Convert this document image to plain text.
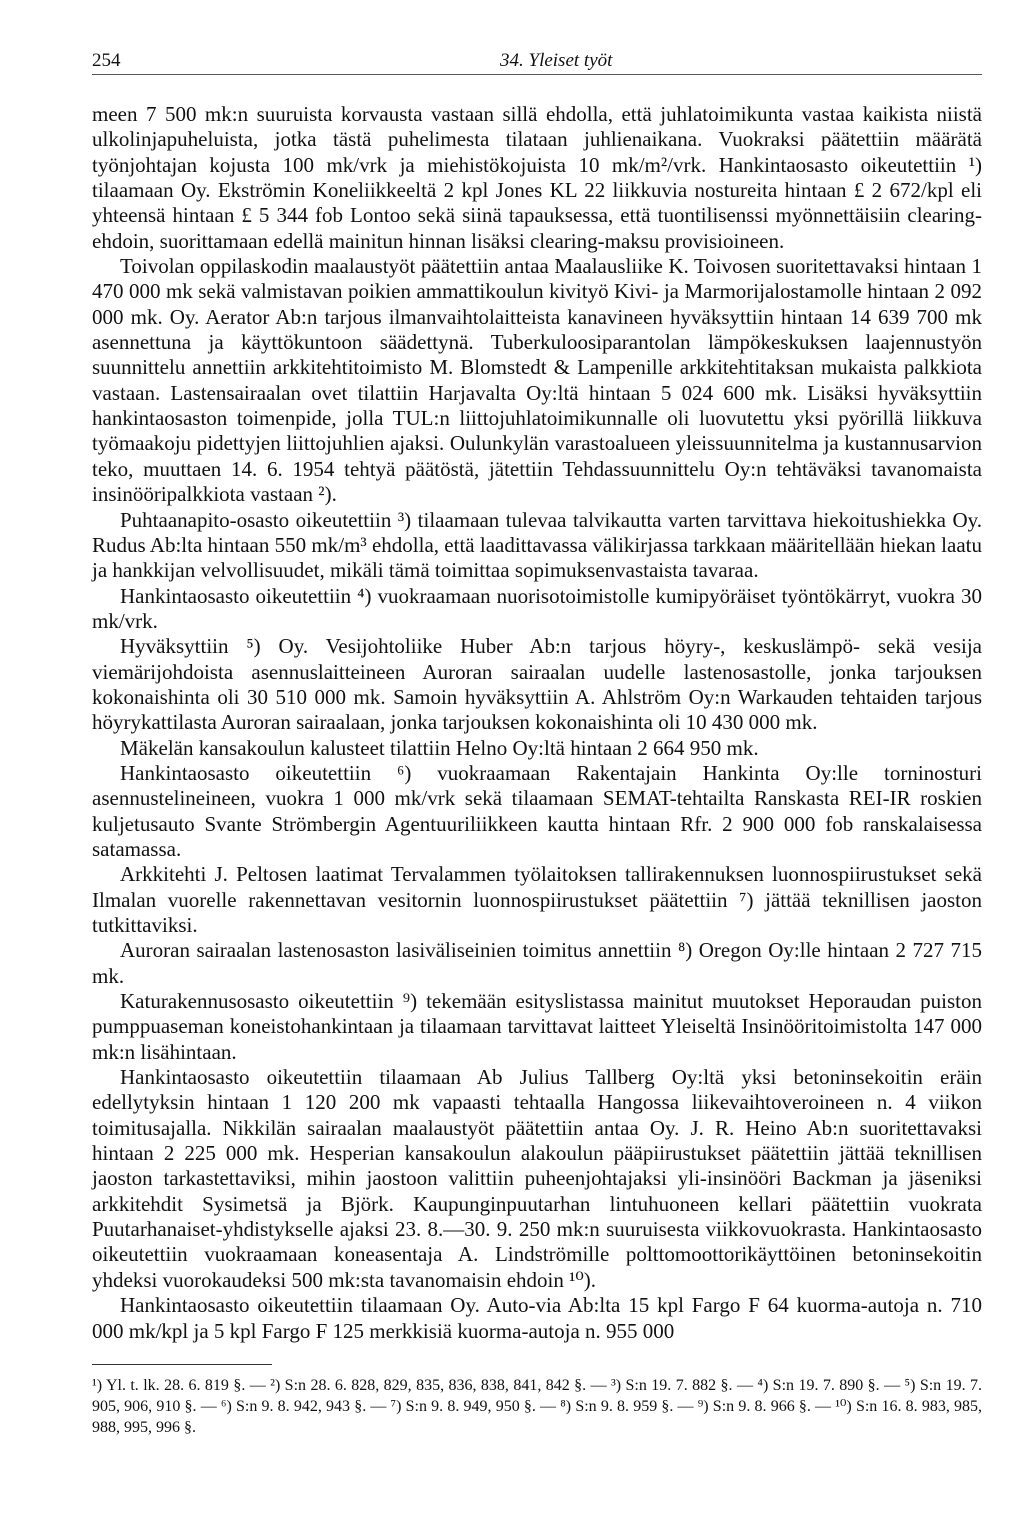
254	34. Yleiset työt

meen 7 500 mk:n suuruista korvausta vastaan sillä ehdolla, että juhlatoimikunta vastaa kaikista niistä ulkolinjapuheluista, jotka tästä puhelimesta tilataan juhlienaikana. Vuokraksi päätettiin määrätä työnjohtajan kojusta 100 mk/vrk ja miehistökojuista 10 mk/m²/vrk. Hankintaosasto oikeutettiin ¹) tilaamaan Oy. Ekströmin Koneliikkeeltä 2 kpl Jones KL 22 liikkuvia nostureita hintaan £ 2 672/kpl eli yhteensä hintaan £ 5 344 fob Lontoo sekä siinä tapauksessa, että tuontilisenssi myönnettäisiin clearing-ehdoin, suorittamaan edellä mainitun hinnan lisäksi clearing-maksu provisioineen.

Toivolan oppilaskodin maalaustyöt päätettiin antaa Maalausliike K. Toivosen suoritettavaksi hintaan 1 470 000 mk sekä valmistavan poikien ammattikoulun kivityö Kivi- ja Marmorijalostamolle hintaan 2 092 000 mk. Oy. Aerator Ab:n tarjous ilmanvaihtolaitteista kanavineen hyväksyttiin hintaan 14 639 700 mk asennettuna ja käyttökuntoon säädettynä. Tuberkuloosiparantolan lämpökeskuksen laajennustyön suunnittelu annettiin arkkitehtitoimisto M. Blomstedt & Lampenille arkkitehtitaksan mukaista palkkiota vastaan. Lastensairaalan ovet tilattiin Harjavalta Oy:ltä hintaan 5 024 600 mk. Lisäksi hyväksyttiin hankintaosaston toimenpide, jolla TUL:n liittojuhlatoimikunnalle oli luovutettu yksi pyörillä liikkuva työmaakoju pidettyjen liittojuhlien ajaksi. Oulunkylän varastoalueen yleissuunnitelma ja kustannusarvion teko, muuttaen 14. 6. 1954 tehtyä päätöstä, jätettiin Tehdassuunnittelu Oy:n tehtäväksi tavanomaista insinööripalkkiota vastaan ²).

Puhtaanapito-osasto oikeutettiin ³) tilaamaan tulevaa talvikautta varten tarvittava hiekoitushiekka Oy. Rudus Ab:lta hintaan 550 mk/m³ ehdolla, että laadittavassa välikirjassa tarkkaan määritellään hiekan laatu ja hankkijan velvollisuudet, mikäli tämä toimittaa sopimuksenvastaista tavaraa.

Hankintaosasto oikeutettiin ⁴) vuokraamaan nuorisotoimistolle kumipyöräiset työntökärryt, vuokra 30 mk/vrk.

Hyväksyttiin ⁵) Oy. Vesijohtoliike Huber Ab:n tarjous höyry-, keskuslämpö- sekä vesija viemärijohdoista asennuslaitteineen Auroran sairaalan uudelle lastenosastolle, jonka tarjouksen kokonaishinta oli 30 510 000 mk. Samoin hyväksyttiin A. Ahlström Oy:n Warkauden tehtaiden tarjous höyrykattilasta Auroran sairaalaan, jonka tarjouksen kokonaishinta oli 10 430 000 mk.

Mäkelän kansakoulun kalusteet tilattiin Helno Oy:ltä hintaan 2 664 950 mk.

Hankintaosasto oikeutettiin ⁶) vuokraamaan Rakentajain Hankinta Oy:lle torninosturi asennustelineineen, vuokra 1 000 mk/vrk sekä tilaamaan SEMAT-tehtailta Ranskasta REI-IR roskien kuljetusauto Svante Strömbergin Agentuuriliikkeen kautta hintaan Rfr. 2 900 000 fob ranskalaisessa satamassa.

Arkkitehti J. Peltosen laatimat Tervalammen työlaitoksen tallirakennuksen luonnospiirustukset sekä Ilmalan vuorelle rakennettavan vesitornin luonnospiirustukset päätettiin ⁷) jättää teknillisen jaoston tutkittaviksi.

Auroran sairaalan lastenosaston lasiväliseinien toimitus annettiin ⁸) Oregon Oy:lle hintaan 2 727 715 mk.

Katurakennusosasto oikeutettiin ⁹) tekemään esityslistassa mainitut muutokset Heporaudan puiston pumppuaseman koneistohankintaan ja tilaamaan tarvittavat laitteet Yleiseltä Insinööritoimistolta 147 000 mk:n lisähintaan.

Hankintaosasto oikeutettiin tilaamaan Ab Julius Tallberg Oy:ltä yksi betoninsekoitin eräin edellytyksin hintaan 1 120 200 mk vapaasti tehtaalla Hangossa liikevaihtoveroineen n. 4 viikon toimitusajalla. Nikkilän sairaalan maalaustyöt päätettiin antaa Oy. J. R. Heino Ab:n suoritettavaksi hintaan 2 225 000 mk. Hesperian kansakoulun alakoulun pääpiirustukset päätettiin jättää teknillisen jaoston tarkastettaviksi, mihin jaostoon valittiin puheenjohtajaksi yli-insinööri Backman ja jäseniksi arkkitehdit Sysimetsä ja Björk. Kaupunginpuutarhan lintuhuoneen kellari päätettiin vuokrata Puutarhanaiset-yhdistykselle ajaksi 23. 8.—30. 9. 250 mk:n suuruisesta viikkovuokrasta. Hankintaosasto oikeutettiin vuokraamaan koneasentaja A. Lindströmille polttomoottorikäyttöinen betoninsekoitin yhdeksi vuorokaudeksi 500 mk:sta tavanomaisin ehdoin ¹⁰).

Hankintaosasto oikeutettiin tilaamaan Oy. Auto-via Ab:lta 15 kpl Fargo F 64 kuorma-autoja n. 710 000 mk/kpl ja 5 kpl Fargo F 125 merkkisiä kuorma-autoja n. 955 000

¹) Yl. t. lk. 28. 6. 819 §. — ²) S:n 28. 6. 828, 829, 835, 836, 838, 841, 842 §. — ³) S:n 19. 7. 882 §. — ⁴) S:n 19. 7. 890 §. — ⁵) S:n 19. 7. 905, 906, 910 §. — ⁶) S:n 9. 8. 942, 943 §. — ⁷) S:n 9. 8. 949, 950 §. — ⁸) S:n 9. 8. 959 §. — ⁹) S:n 9. 8. 966 §. — ¹⁰) S:n 16. 8. 983, 985, 988, 995, 996 §.
